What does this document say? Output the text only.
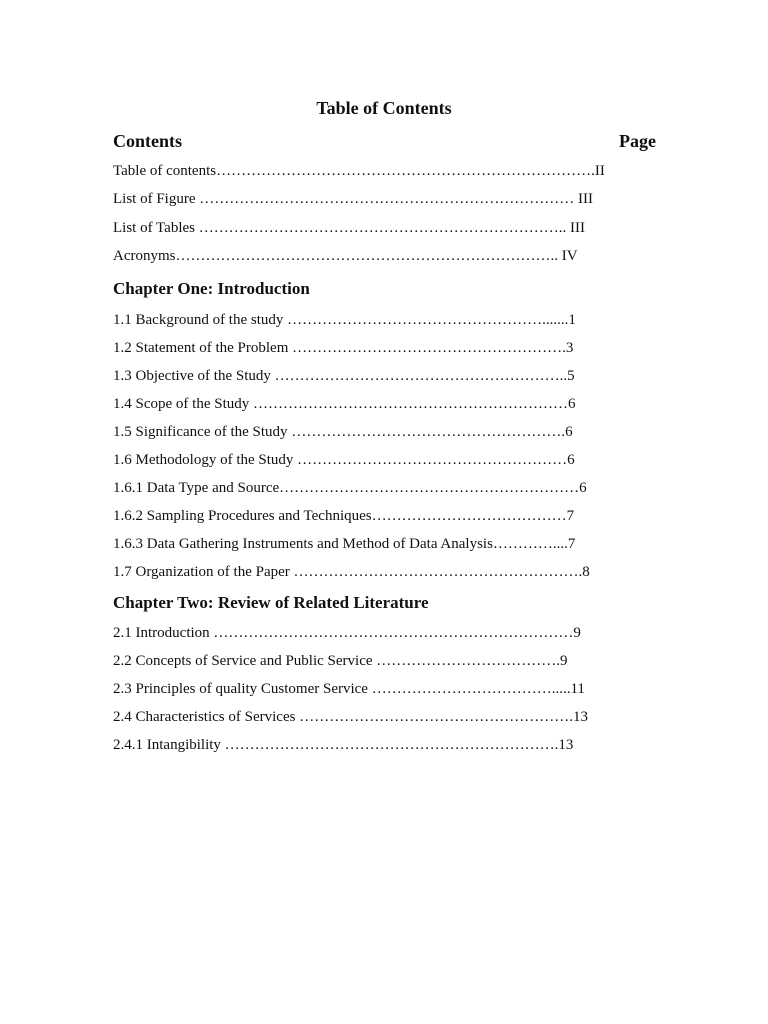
Table of Contents
Contents	Page
Table of contents………………………………………………………………….II
List of Figure ………………………………………………………………… III
List of Tables ……………………………………………………………….. III
Acronyms………………………………………………………………….. IV
Chapter One: Introduction
1.1 Background of the study …………………………………………….......1
1.2 Statement of the Problem ……………………………………………….3
1.3 Objective of the Study …………………………………………………..5
1.4 Scope of the Study ………………………………………………………6
1.5 Significance of the Study ……………………………………………….6
1.6 Methodology of the Study ………………………………………………6
1.6.1 Data Type and Source……………………………………………………6
1.6.2 Sampling Procedures and Techniques…………………………………7
1.6.3 Data Gathering Instruments and Method of Data Analysis…………....7
1.7 Organization of the Paper ………………………………………………….8
Chapter Two: Review of Related Literature
2.1 Introduction ………………………………………………………………9
2.2 Concepts of Service and Public Service ……………………………….9
2.3 Principles of quality Customer Service ……………………………….....11
2.4 Characteristics of Services ……………………………………………….13
2.4.1 Intangibility ………………………………………………………….13
